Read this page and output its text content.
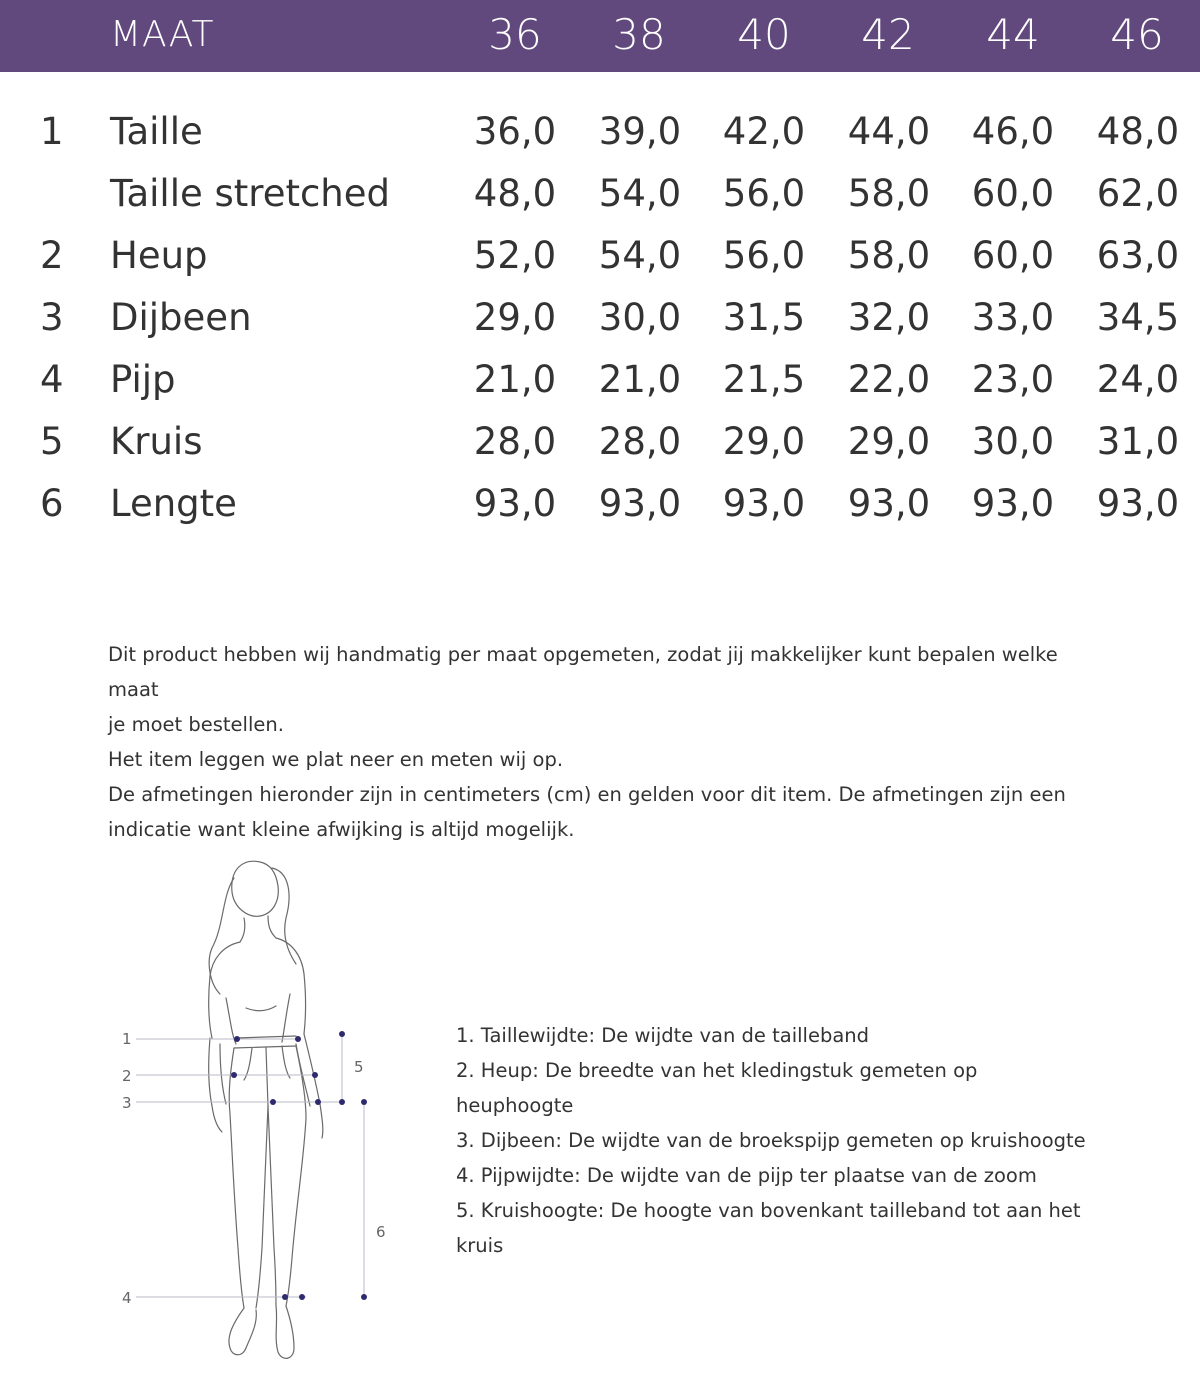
MAAT	36	38	40	42	44	46
1 Taille	36,0	39,0	42,0	44,0	46,0	48,0
Taille stretched	48,0	54,0	56,0	58,0	60,0	62,0
2 Heup	52,0	54,0	56,0	58,0	60,0	63,0
3 Dijbeen	29,0	30,0	31,5	32,0	33,0	34,5
4 Pijp	21,0	21,0	21,5	22,0	23,0	24,0
5 Kruis	28,0	28,0	29,0	29,0	30,0	31,0
6 Lengte	93,0	93,0	93,0	93,0	93,0	93,0

Dit product hebben wij handmatig per maat opgemeten, zodat jij makkelijker kunt bepalen welke maat

je moet bestellen.

Het item leggen we plat neer en meten wij op.

De afmetingen hieronder zijn in centimeters (cm) en gelden voor dit item. De afmetingen zijn een

indicatie want kleine afwijking is altijd mogelijk.

1
2
3
4
5
6

1. Taillewijdte: De wijdte van de tailleband

2. Heup: De breedte van het kledingstuk gemeten op

heuphoogte

3. Dijbeen: De wijdte van de broekspijp gemeten op kruishoogte

4. Pijpwijdte: De wijdte van de pijp ter plaatse van de zoom

5. Kruishoogte: De hoogte van bovenkant tailleband tot aan het

kruis
